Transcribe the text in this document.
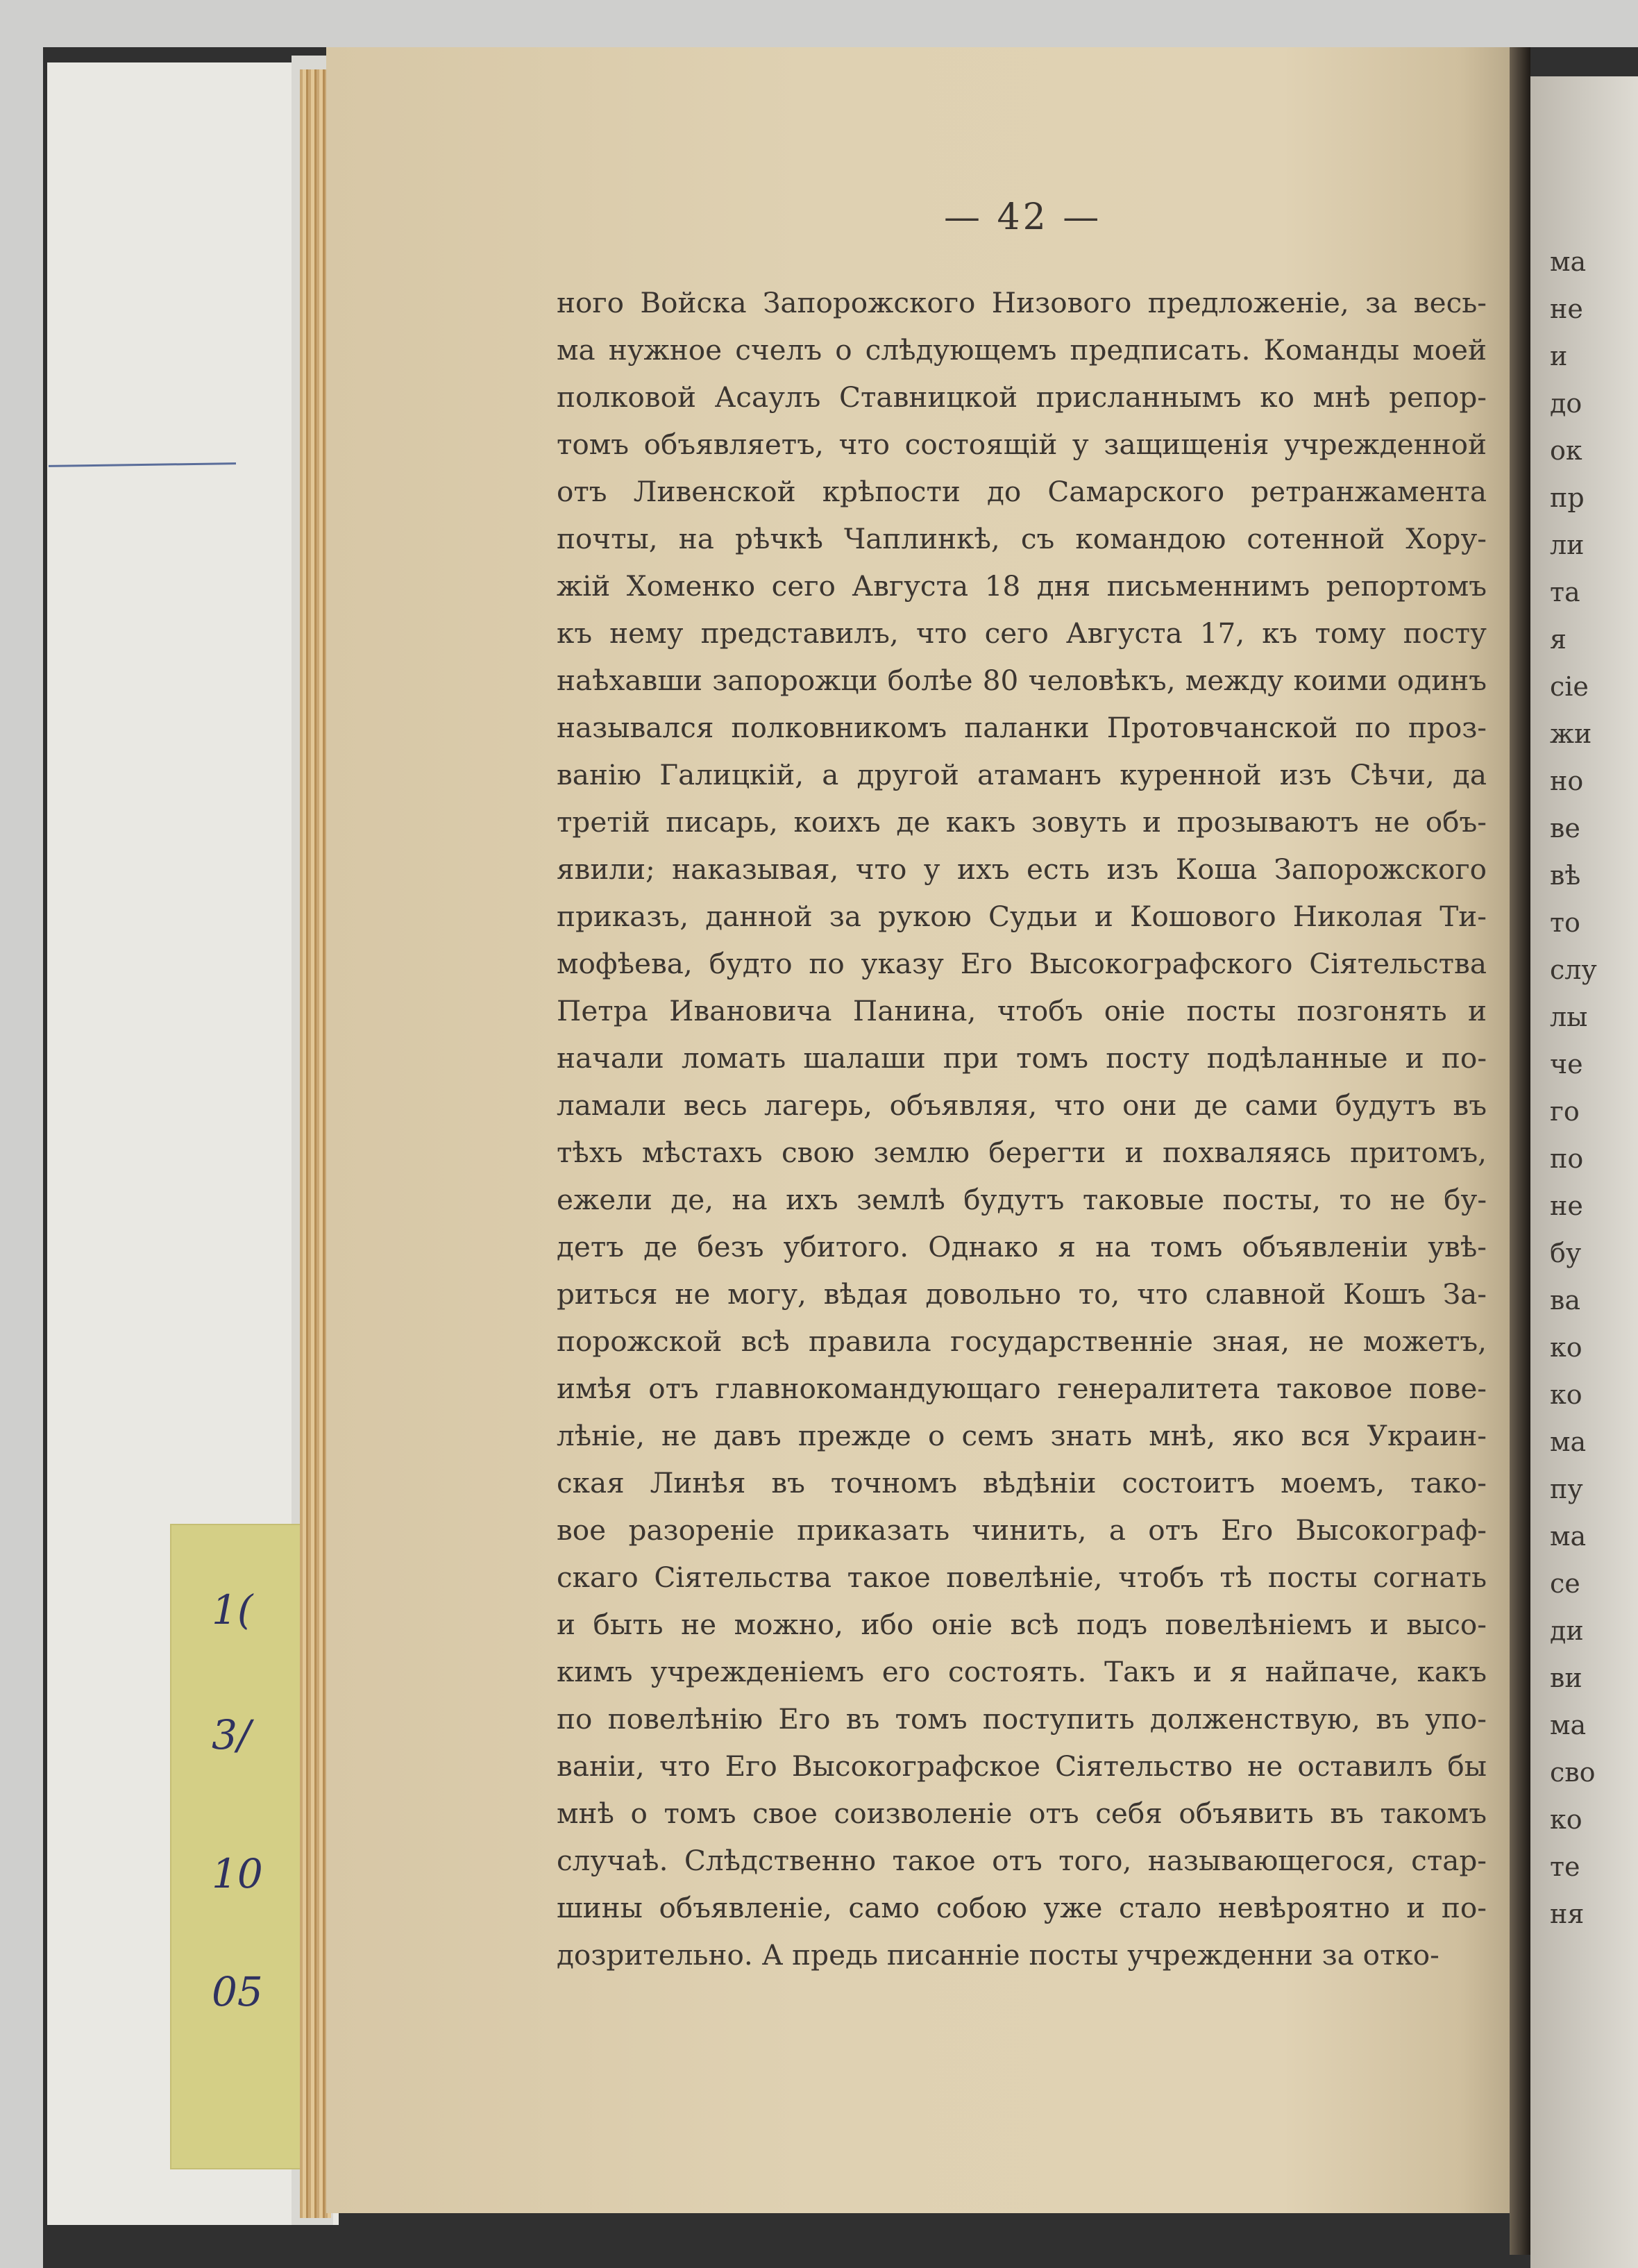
1(
3/
10
05
ма
не
и
до
ок
пр
ли
та
я
сіе
жи
но
ве
вѣ
то
слу
лы
че
го
по
не
бу
ва
ко
ко
ма
пу
ма
се
ди
ви
ма
сво
ко
те
ня
— 42 —
ного Войска Запорожского Низового предложеніе, за весь-
ма нужное счелъ о слѣдующемъ предписать. Команды моей
полковой Асаулъ Ставницкой присланнымъ ко мнѣ репор-
томъ объявляетъ, что состоящій у защищенія учрежденной
отъ Ливенской крѣпости до Самарского ретранжамента
почты, на рѣчкѣ Чаплинкѣ, съ командою сотенной Хору-
жій Хоменко сего Августа 18 дня письменнимъ репортомъ
къ нему представилъ, что сего Августа 17, къ тому посту
наѣхавши запорожци болѣе 80 человѣкъ, между коими одинъ
назывался полковникомъ паланки Протовчанской по проз-
ванію Галицкій, а другой атаманъ куренной изъ Сѣчи, да
третій писарь, коихъ де какъ зовуть и прозываютъ не объ-
явили; наказывая, что у ихъ есть изъ Коша Запорожского
приказъ, данной за рукою Судьи и Кошового Николая Ти-
мофѣева, будто по указу Его Высокографского Сіятельства
Петра Ивановича Панина, чтобъ оніе посты позгонять и
начали ломать шалаши при томъ посту подѣланные и по-
ламали весь лагерь, объявляя, что они де сами будутъ въ
тѣхъ мѣстахъ свою землю берегти и похваляясь притомъ,
ежели де, на ихъ землѣ будутъ таковые посты, то не бу-
детъ де безъ убитого. Однако я на томъ объявленіи увѣ-
риться не могу, вѣдая довольно то, что славной Кошъ За-
порожской всѣ правила государственніе зная, не можетъ,
имѣя отъ главнокомандующаго генералитета таковое пове-
лѣніе, не давъ прежде о семъ знать мнѣ, яко вся Украин-
ская Линѣя въ точномъ вѣдѣніи состоитъ моемъ, тако-
вое разореніе приказать чинить, а отъ Его Высокограф-
скаго Сіятельства такое повелѣніе, чтобъ тѣ посты согнать
и быть не можно, ибо оніе всѣ подъ повелѣніемъ и высо-
кимъ учрежденіемъ его состоять. Такъ и я найпаче, какъ
по повелѣнію Его въ томъ поступить долженствую, въ упо-
ваніи, что Его Высокографское Сіятельство не оставилъ бы
мнѣ о томъ свое соизволеніе отъ себя объявить въ такомъ
случаѣ. Слѣдственно такое отъ того, называющегося, стар-
шины объявленіе, само собою уже стало невѣроятно и по-
дозрительно. А предь писанніе посты учрежденни за отко-
